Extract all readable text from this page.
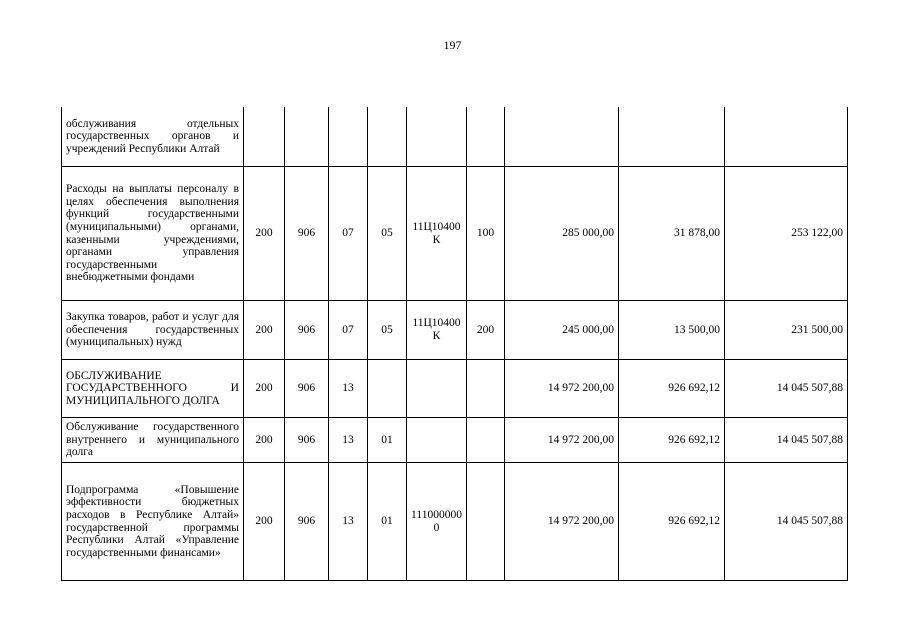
197
обслуживания отдельных государственных органов и учреждений Республики Алтай									
Расходы на выплаты персоналу в целях обеспечения выполнения функций государственными (муниципальными) органами, казенными учреждениями, органами управления государственными внебюджетными фондами	200	906	07	05	11Ц10400К	100	285 000,00	31 878,00	253 122,00
Закупка товаров, работ и услуг для обеспечения государственных (муниципальных) нужд	200	906	07	05	11Ц10400К	200	245 000,00	13 500,00	231 500,00
ОБСЛУЖИВАНИЕ ГОСУДАРСТВЕННОГО И МУНИЦИПАЛЬНОГО ДОЛГА	200	906	13				14 972 200,00	926 692,12	14 045 507,88
Обслуживание государственного внутреннего и муниципального долга	200	906	13	01			14 972 200,00	926 692,12	14 045 507,88
Подпрограмма «Повышение эффективности бюджетных расходов в Республике Алтай» государственной программы Республики Алтай «Управление государственными финансами»	200	906	13	01	1110000000		14 972 200,00	926 692,12	14 045 507,88
